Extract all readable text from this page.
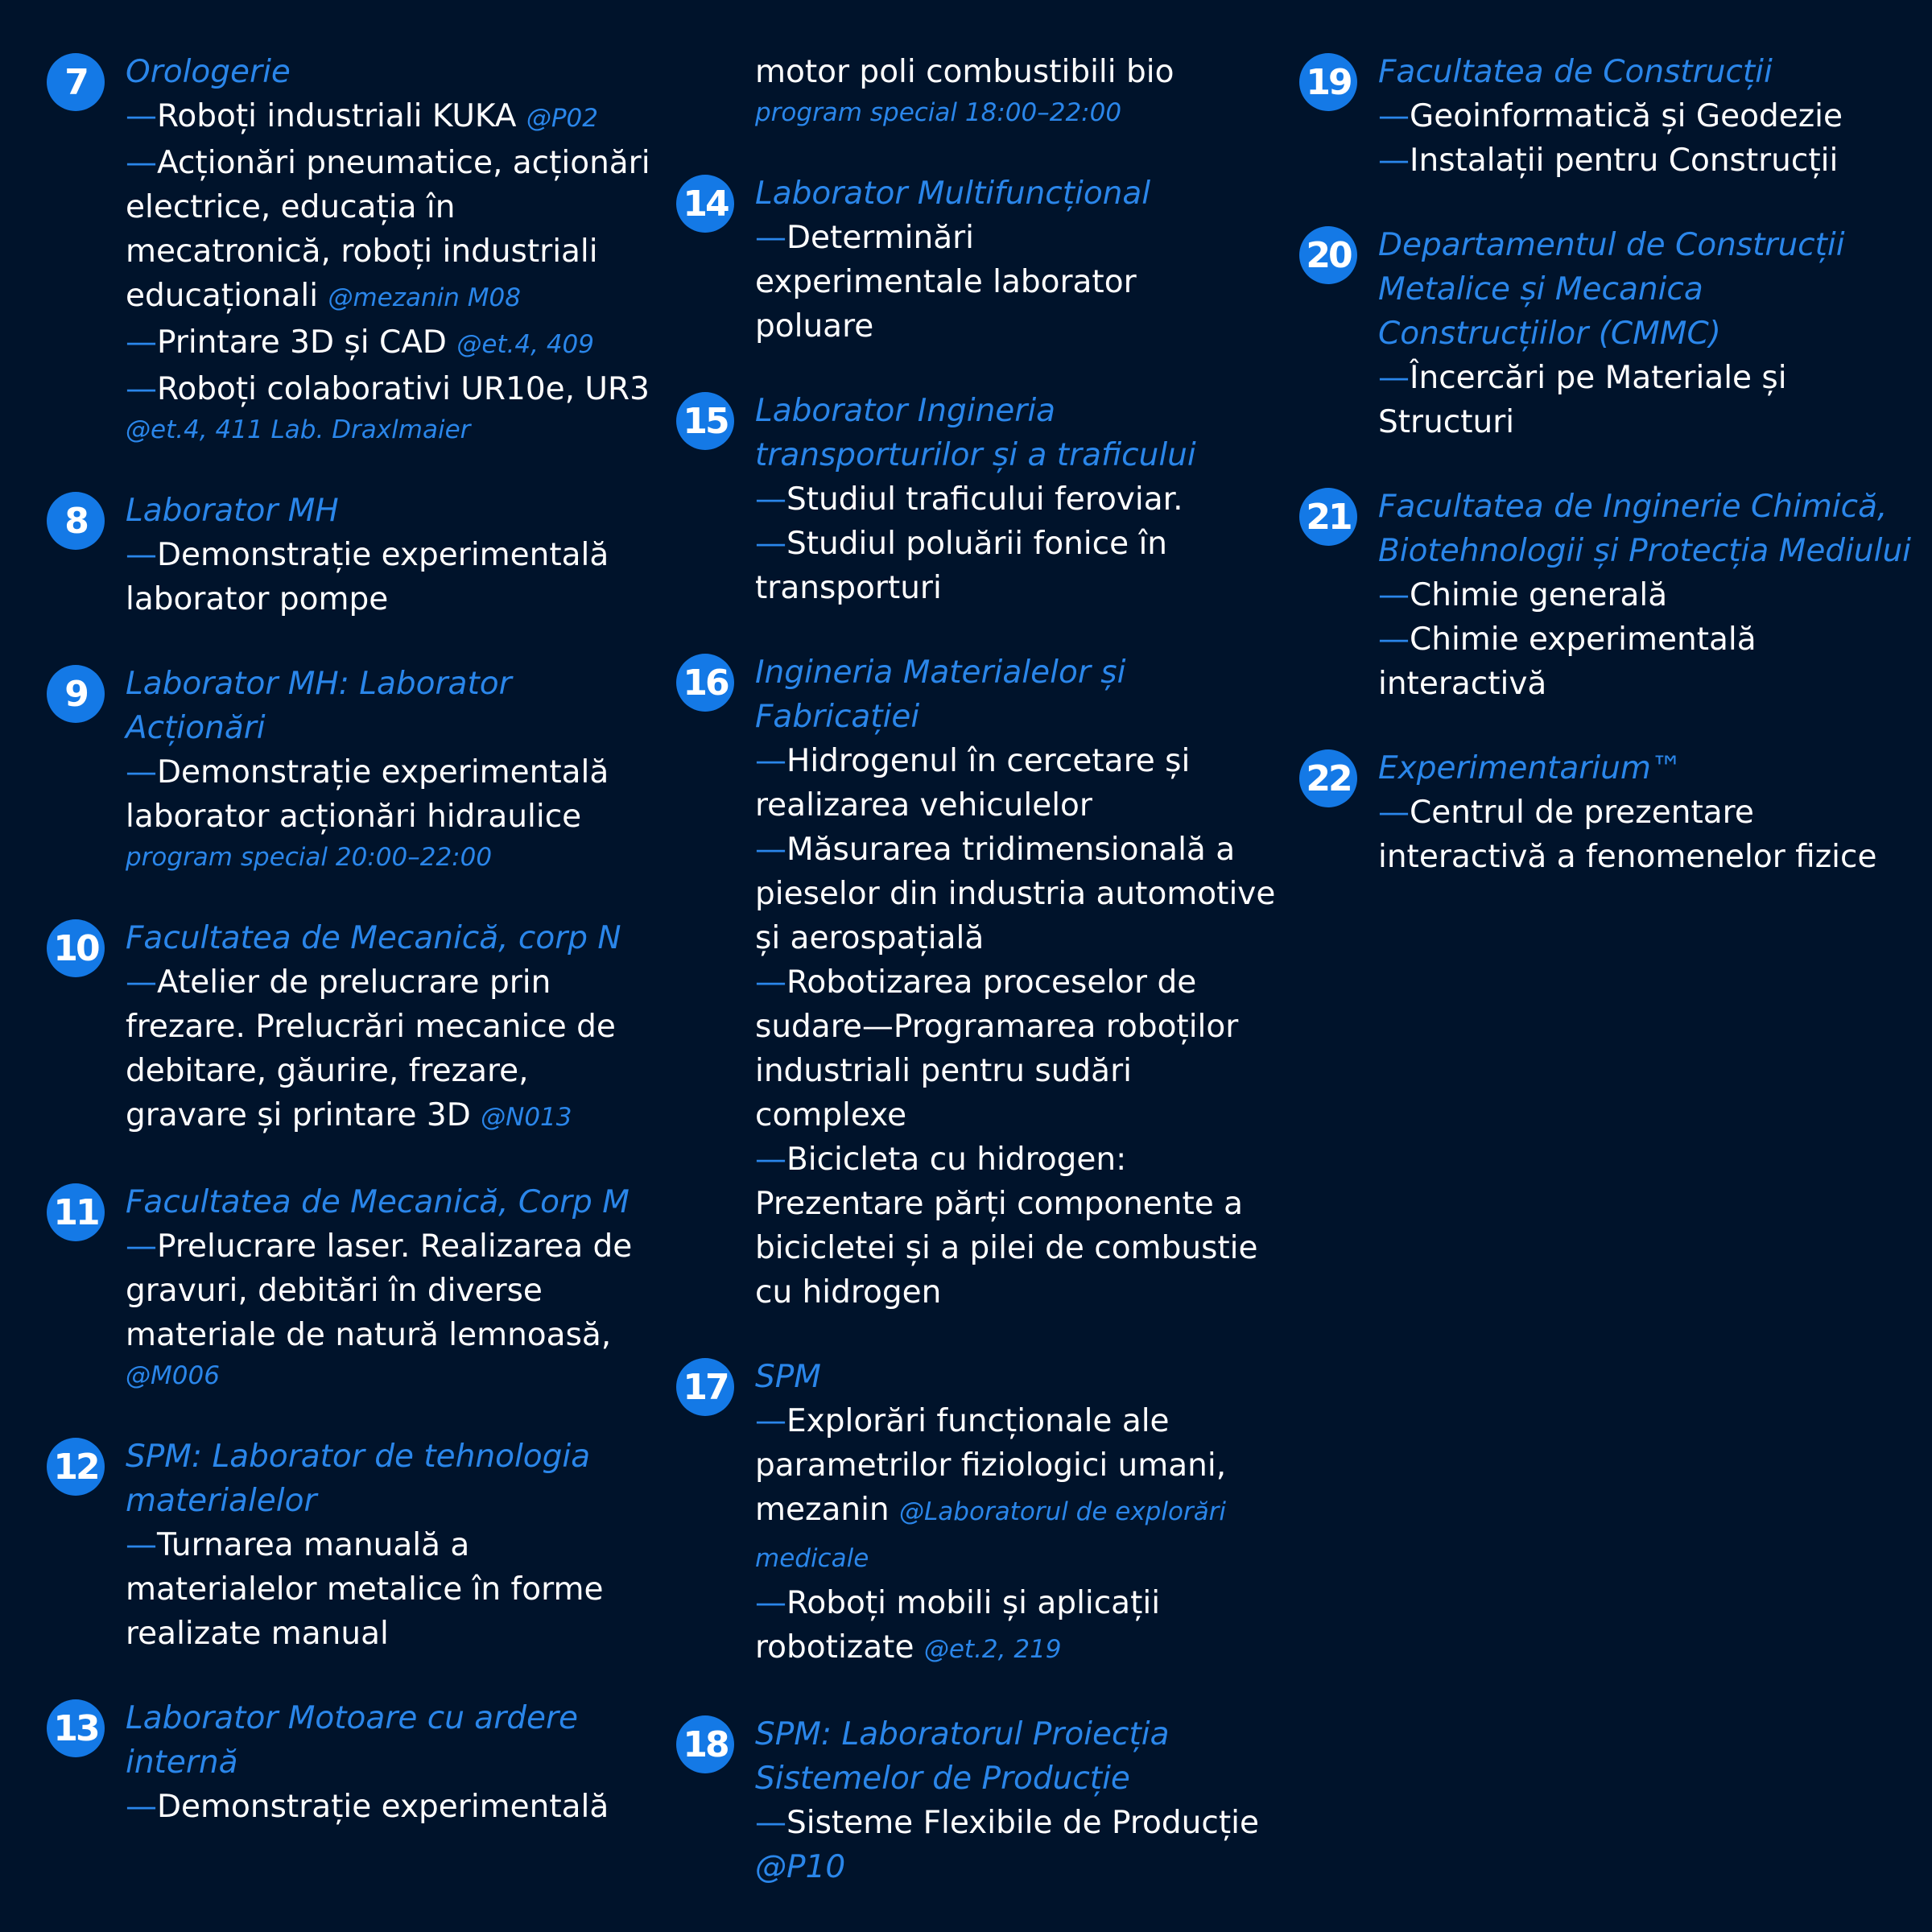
7	Orologerie
— Roboți industriali KUKA @P02
— Acționări pneumatice, acționări electrice, educația în mecatronică, roboți industriali educaționali @mezanin M08
— Printare 3D și CAD @et.4, 409
— Roboți colaborativi UR10e, UR3
@et.4, 411 Lab. Draxlmaier
8	Laborator MH
— Demonstrație experimentală laborator pompe
9	Laborator MH: Laborator Acționări
— Demonstrație experimentală laborator acționări hidraulice
program special 20:00–22:00
10 Facultatea de Mecanică, corp N
— Atelier de prelucrare prin frezare. Prelucrări mecanice de debitare, găurire, frezare, gravare și printare 3D @N013
11 Facultatea de Mecanică, Corp M
— Prelucrare laser. Realizarea de gravuri, debitări în diverse materiale de natură lemnoasă,
@M006
12 SPM: Laborator de tehnologia materialelor
— Turnarea manuală a materialelor metalice în forme realizate manual
13 Laborator Motoare cu ardere internă
— Demonstrație experimentală
motor poli combustibili bio
program special 18:00–22:00
14 Laborator Multifuncțional
— Determinări experimentale laborator poluare
15 Laborator Ingineria transporturilor și a traficului
— Studiul traficului feroviar.
— Studiul poluării fonice în transporturi
16 Ingineria Materialelor și Fabricației
— Hidrogenul în cercetare și realizarea vehiculelor
— Măsurarea tridimensională a pieselor din industria automotive și aerospațială
— Robotizarea proceselor de sudare—Programarea roboților industriali pentru sudări complexe
— Bicicleta cu hidrogen: Prezentare părți componente a bicicletei și a pilei de combustie cu hidrogen
17 SPM
— Explorări funcționale ale parametrilor fiziologici umani, mezanin @Laboratorul de explorări medicale
— Roboți mobili și aplicații robotizate @et.2, 219
18 SPM: Laboratorul Proiecția Sistemelor de Producție
— Sisteme Flexibile de Producție
@P10
19 Facultatea de Construcții
— Geoinformatică și Geodezie
— Instalații pentru Construcții
20 Departamentul de Construcții Metalice și Mecanica Construcțiilor (CMMC)
— Încercări pe Materiale și Structuri
21 Facultatea de Inginerie Chimică, Biotehnologii și Protecția Mediului
— Chimie generală
— Chimie experimentală interactivă
22 Experimentarium™
— Centrul de prezentare interactivă a fenomenelor fizice
